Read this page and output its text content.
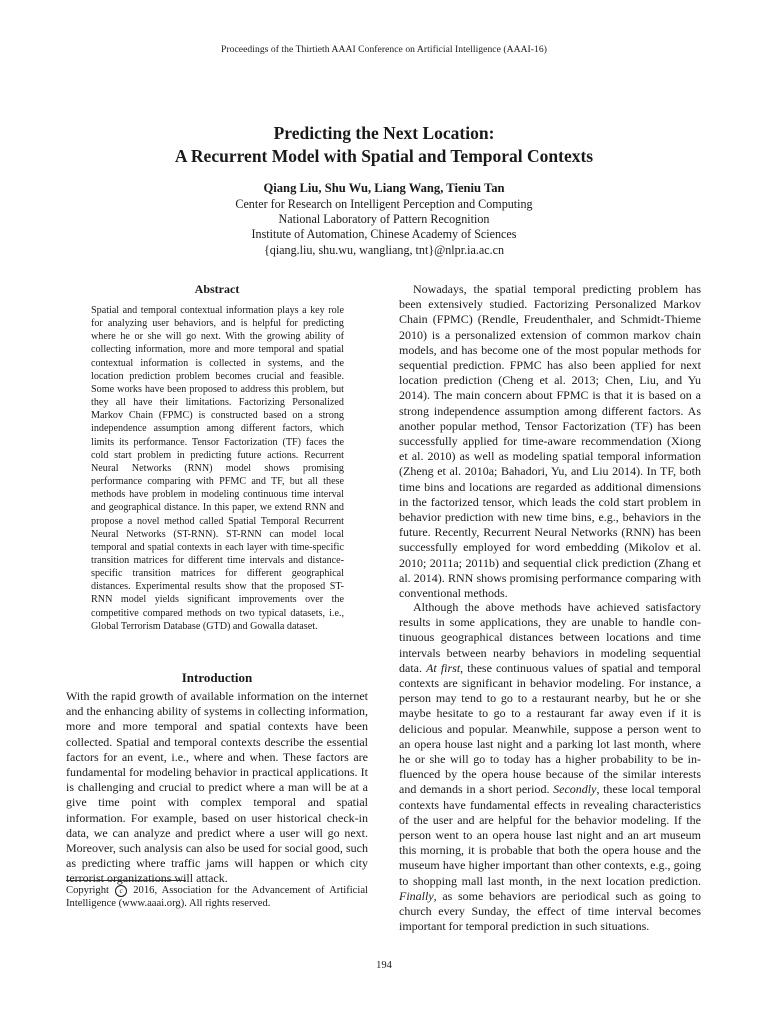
Proceedings of the Thirtieth AAAI Conference on Artificial Intelligence (AAAI-16)
Predicting the Next Location:
A Recurrent Model with Spatial and Temporal Contexts
Qiang Liu, Shu Wu, Liang Wang, Tieniu Tan
Center for Research on Intelligent Perception and Computing
National Laboratory of Pattern Recognition
Institute of Automation, Chinese Academy of Sciences
{qiang.liu, shu.wu, wangliang, tnt}@nlpr.ia.ac.cn
Abstract

Spatial and temporal contextual information plays a key role for analyzing user behaviors, and is helpful for predicting where he or she will go next. With the growing ability of collecting information, more and more temporal and spatial contextual information is collected in systems, and the location prediction problem becomes crucial and feasible. Some works have been proposed to address this problem, but they all have their limitations. Factorizing Personalized Markov Chain (FPMC) is constructed based on a strong independence assumption among different factors, which limits its performance. Tensor Factorization (TF) faces the cold start problem in predicting future actions. Recurrent Neural Networks (RNN) model shows promising performance comparing with PFMC and TF, but all these methods have problem in modeling continuous time interval and geographical distance. In this paper, we extend RNN and propose a novel method called Spatial Temporal Recurrent Neural Networks (ST-RNN). ST-RNN can model local temporal and spatial contexts in each layer with time-specific transition matrices for different time intervals and distance-specific transition matrices for different geographical distances. Experimental results show that the proposed ST-RNN model yields significant improvements over the competitive compared methods on two typical datasets, i.e., Global Terrorism Database (GTD) and Gowalla dataset.

Introduction

With the rapid growth of available information on the internet and the enhancing ability of systems in collecting information, more and more temporal and spatial contexts have been collected. Spatial and temporal contexts describe the essential factors for an event, i.e., where and when. These factors are fundamental for modeling behavior in practical applications. It is challenging and crucial to predict where a man will be at a give time point with complex temporal and spatial information. For example, based on user historical check-in data, we can analyze and predict where a user will go next. Moreover, such analysis can also be used for social good, such as predicting where traffic jams will happen or which city terrorist organizations will attack.

Copyright c 2016, Association for the Advancement of Artificial Intelligence (www.aaai.org). All rights reserved.

Nowadays, the spatial temporal predicting problem has been extensively studied. Factorizing Personalized Markov Chain (FPMC) (Rendle, Freudenthaler, and Schmidt-Thieme 2010) is a personalized extension of common markov chain models, and has become one of the most popular methods for sequential prediction. FPMC has also been applied for next location prediction (Cheng et al. 2013; Chen, Liu, and Yu 2014). The main concern about FPMC is that it is based on a strong independence assumption among different factors. As another popular method, Tensor Factorization (TF) has been successfully applied for time-aware recommendation (Xiong et al. 2010) as well as modeling spatial temporal information (Zheng et al. 2010a; Bahadori, Yu, and Liu 2014). In TF, both time bins and locations are regarded as additional dimensions in the factorized tensor, which leads the cold start problem in behavior prediction with new time bins, e.g., behaviors in the future. Recently, Recurrent Neural Networks (RNN) has been successfully employed for word embedding (Mikolov et al. 2010; 2011a; 2011b) and sequential click prediction (Zhang et al. 2014). RNN shows promising performance comparing with conventional methods.

Although the above methods have achieved satisfactory results in some applications, they are unable to handle continuous geographical distances between locations and time intervals between nearby behaviors in modeling sequential data. At first, these continuous values of spatial and temporal contexts are significant in behavior modeling. For instance, a person may tend to go to a restaurant nearby, but he or she maybe hesitate to go to a restaurant far away even if it is delicious and popular. Meanwhile, suppose a person went to an opera house last night and a parking lot last month, where he or she will go to today has a higher probability to be influenced by the opera house because of the similar interests and demands in a short period. Secondly, these local temporal contexts have fundamental effects in revealing characteristics of the user and are helpful for the behavior modeling. If the person went to an opera house last night and an art museum this morning, it is probable that both the opera house and the museum have higher important than other contexts, e.g., going to shopping mall last month, in the next location prediction. Finally, as some behaviors are periodical such as going to church every Sunday, the effect of time interval becomes important for temporal prediction in such situations.

194
